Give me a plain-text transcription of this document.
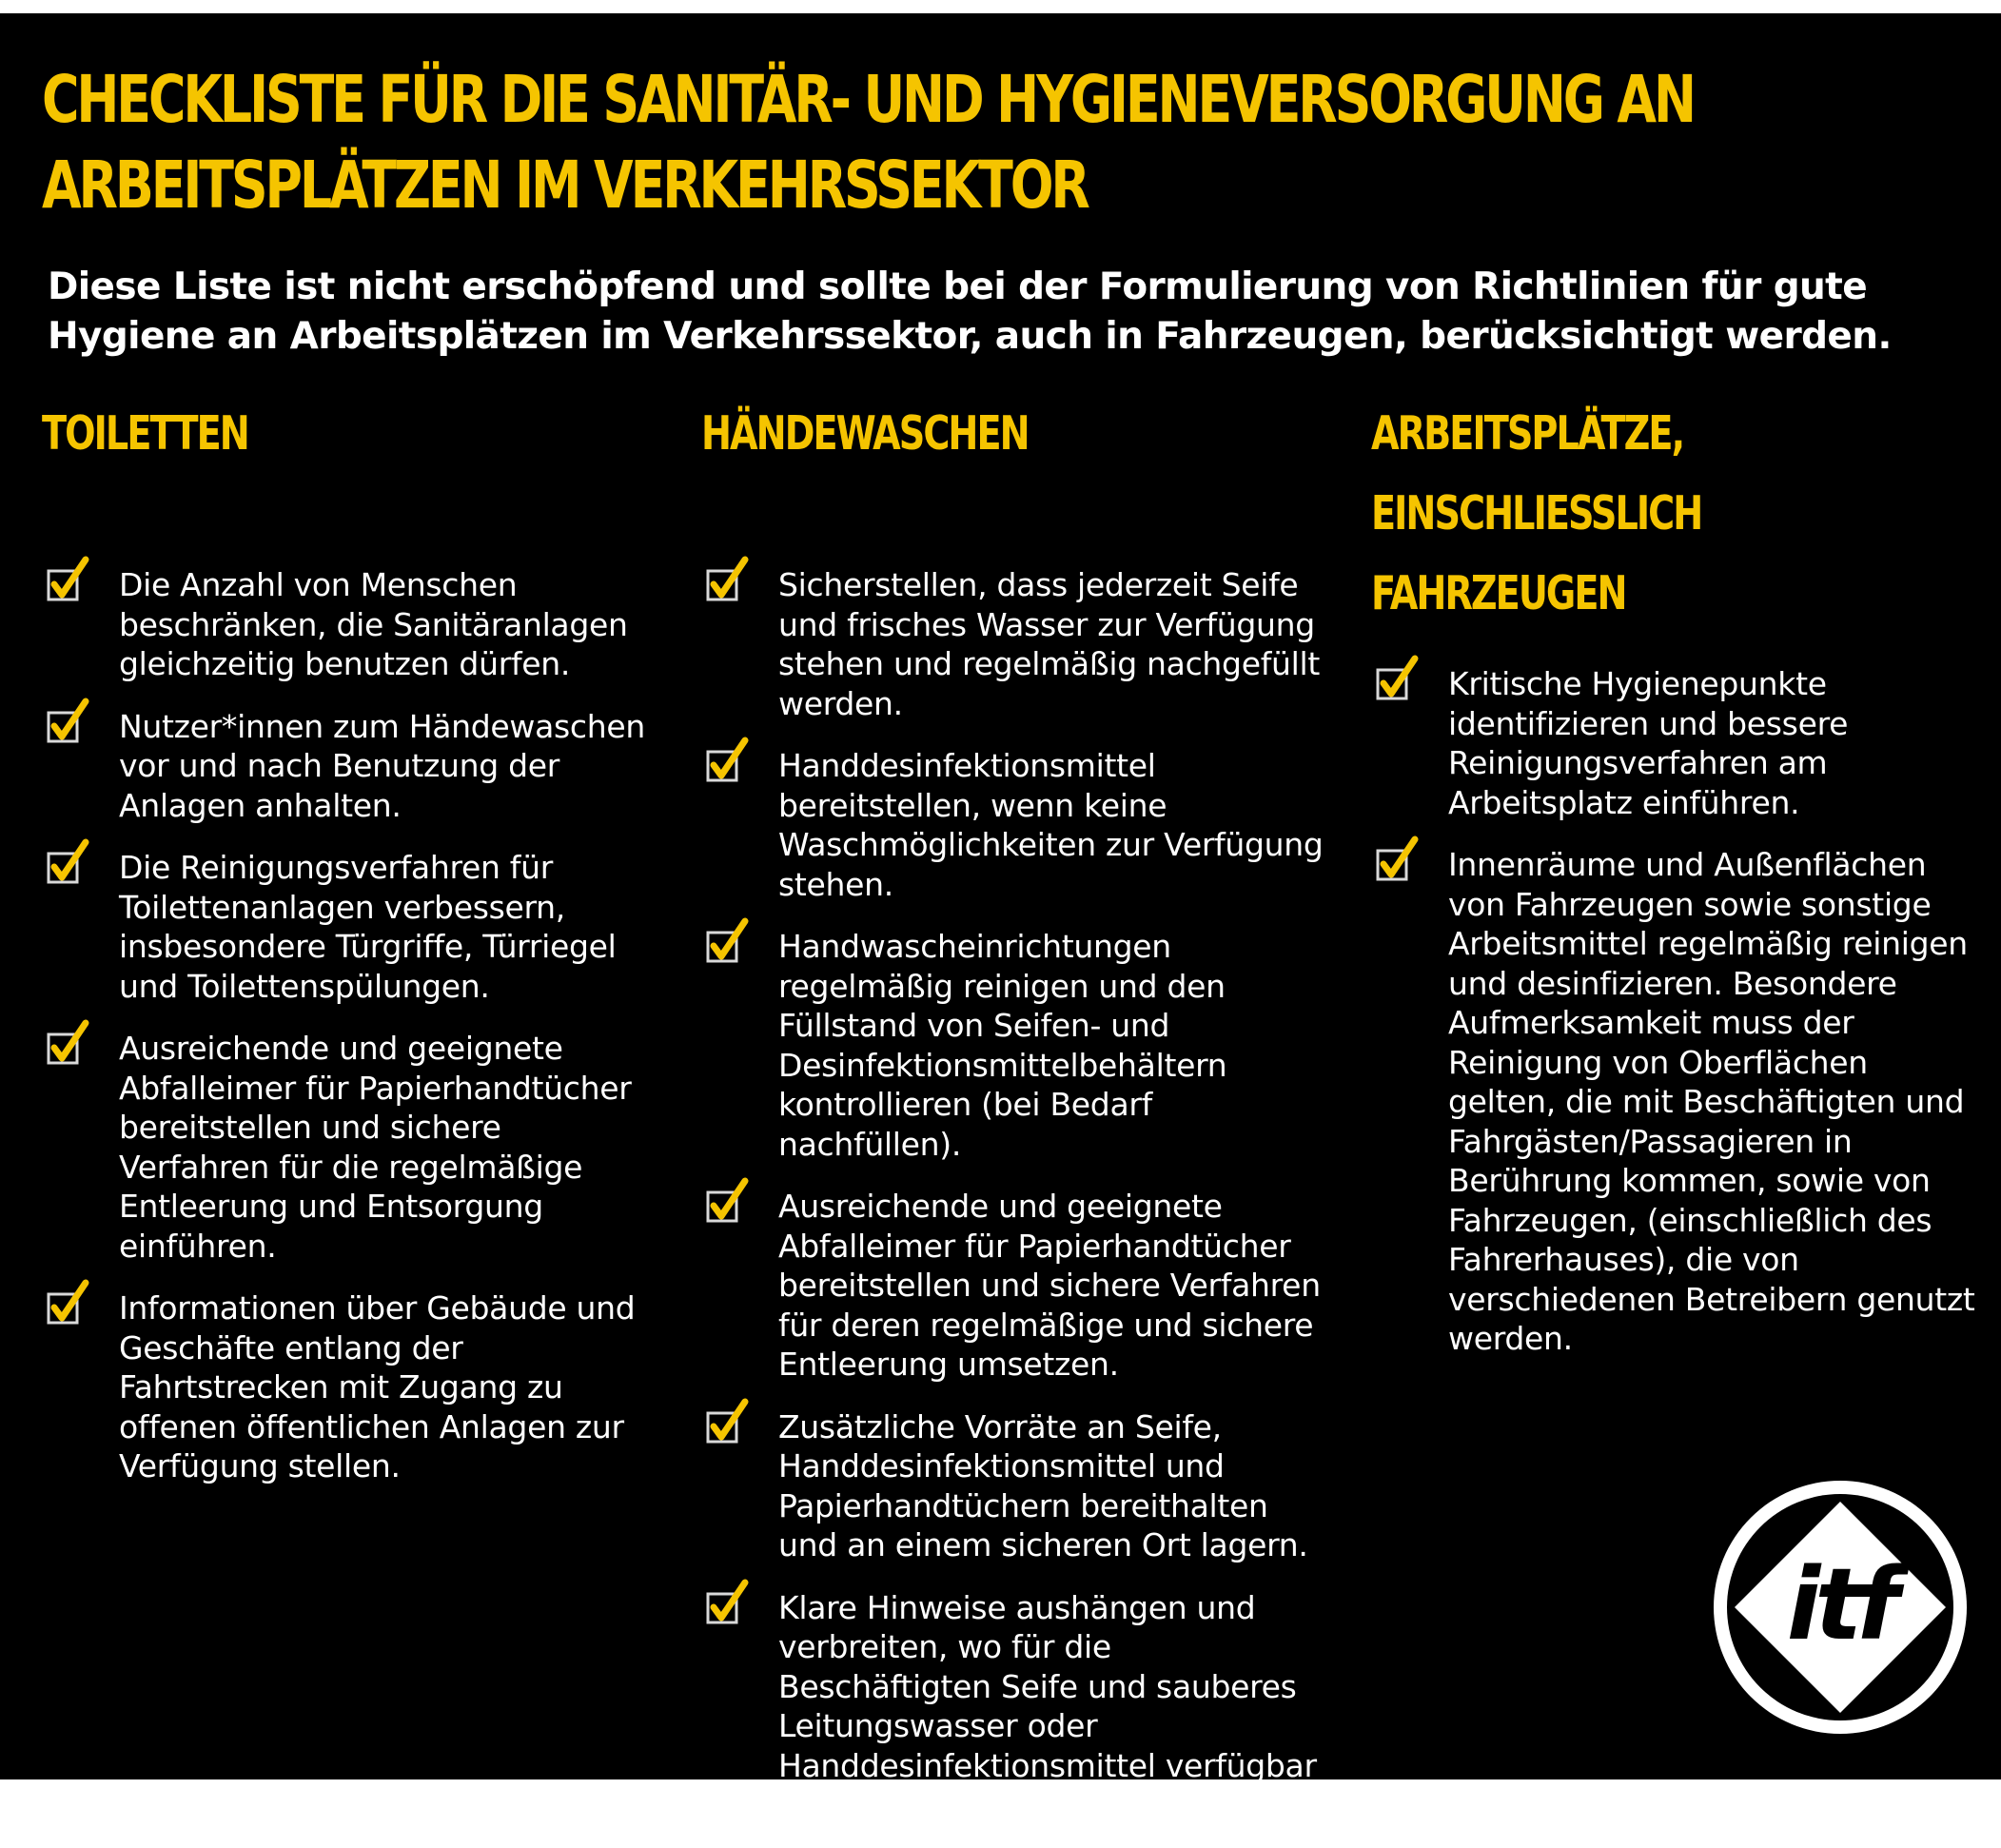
CHECKLISTE FÜR DIE SANITÄR- UND HYGIENEVERSORGUNG AN ARBEITSPLÄTZEN IM VERKEHRSSEKTOR

Diese Liste ist nicht erschöpfend und sollte bei der Formulierung von Richtlinien für gute Hygiene an Arbeitsplätzen im Verkehrssektor, auch in Fahrzeugen, berücksichtigt werden.

TOILETTEN
Die Anzahl von Menschen beschränken, die Sanitäranlagen gleichzeitig benutzen dürfen.
Nutzer*innen zum Händewaschen vor und nach Benutzung der Anlagen anhalten.
Die Reinigungsverfahren für Toilettenanlagen verbessern, insbesondere Türgriffe, Türriegel und Toilettenspülungen.
Ausreichende und geeignete Abfalleimer für Papierhandtücher bereitstellen und sichere Verfahren für die regelmäßige Entleerung und Entsorgung einführen.
Informationen über Gebäude und Geschäfte entlang der Fahrtstrecken mit Zugang zu offenen öffentlichen Anlagen zur Verfügung stellen.
HÄNDEWASCHEN
Sicherstellen, dass jederzeit Seife und frisches Wasser zur Verfügung stehen und regelmäßig nachgefüllt werden.
Handdesinfektionsmittel bereitstellen, wenn keine Waschmöglichkeiten zur Verfügung stehen.
Handwascheinrichtungen regelmäßig reinigen und den Füllstand von Seifen- und Desinfektionsmittelbehältern kontrollieren (bei Bedarf nachfüllen).
Ausreichende und geeignete Abfalleimer für Papierhandtücher bereitstellen und sichere Verfahren für deren regelmäßige und sichere Entleerung umsetzen.
Zusätzliche Vorräte an Seife, Handdesinfektionsmittel und Papierhandtüchern bereithalten und an einem sicheren Ort lagern.
Klare Hinweise aushängen und verbreiten, wo für die Beschäftigten Seife und sauberes Leitungswasser oder Handdesinfektionsmittel verfügbar sind.
ARBEITSPLÄTZE, EINSCHLIESSLICH FAHRZEUGEN
Kritische Hygienepunkte identifizieren und bessere Reinigungsverfahren am Arbeitsplatz einführen.
Innenräume und Außenflächen von Fahrzeugen sowie sonstige Arbeitsmittel regelmäßig reinigen und desinfizieren. Besondere Aufmerksamkeit muss der Reinigung von Oberflächen gelten, die mit Beschäftigten und Fahrgästen/Passagieren in Berührung kommen, sowie von Fahrzeugen, (einschließlich des Fahrerhauses), die von verschiedenen Betreibern genutzt werden.
itf
